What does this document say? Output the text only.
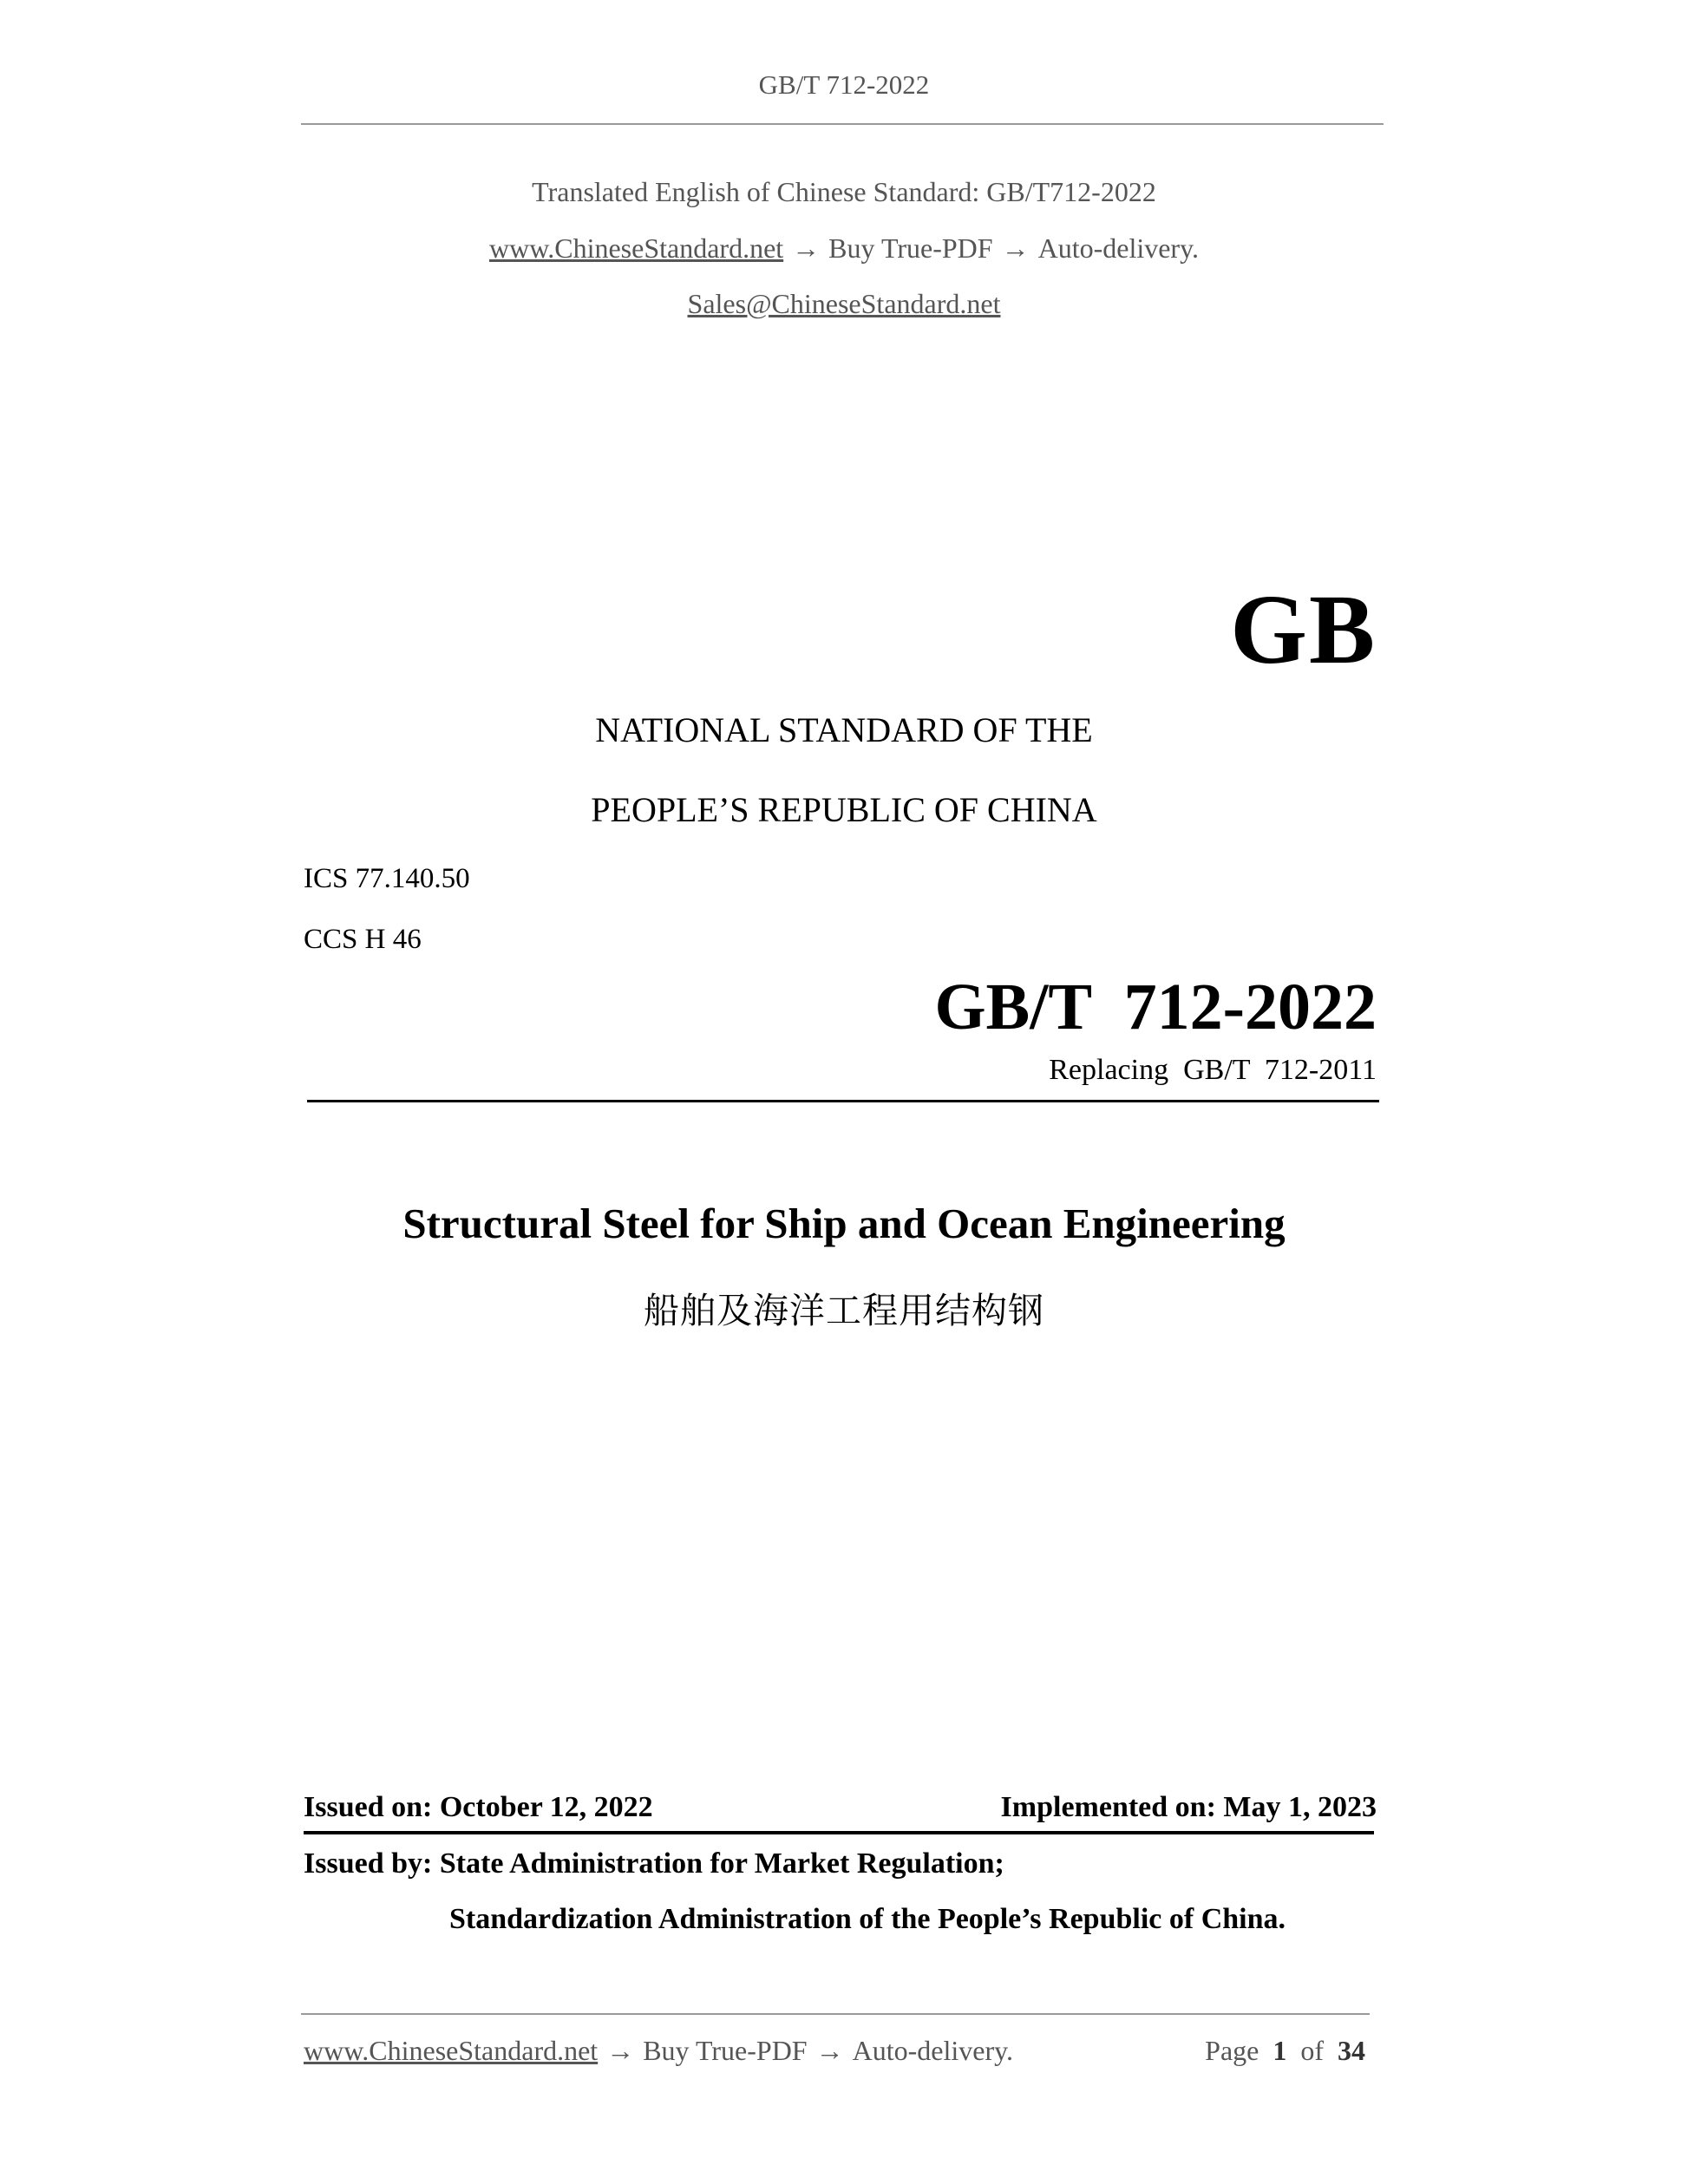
GB/T 712-2022
Translated English of Chinese Standard: GB/T712-2022
www.ChineseStandard.net → Buy True-PDF → Auto-delivery.
Sales@ChineseStandard.net
GB
NATIONAL STANDARD OF THE
PEOPLE’S REPUBLIC OF CHINA
ICS 77.140.50
CCS H 46
GB/T  712-2022
Replacing  GB/T  712-2011
Structural Steel for Ship and Ocean Engineering
船舶及海洋工程用结构钢
Issued on: October 12, 2022	Implemented on: May 1, 2023
Issued by: State Administration for Market Regulation;
Standardization Administration of the People’s Republic of China.
www.ChineseStandard.net → Buy True-PDF → Auto-delivery.	Page 1 of 34
